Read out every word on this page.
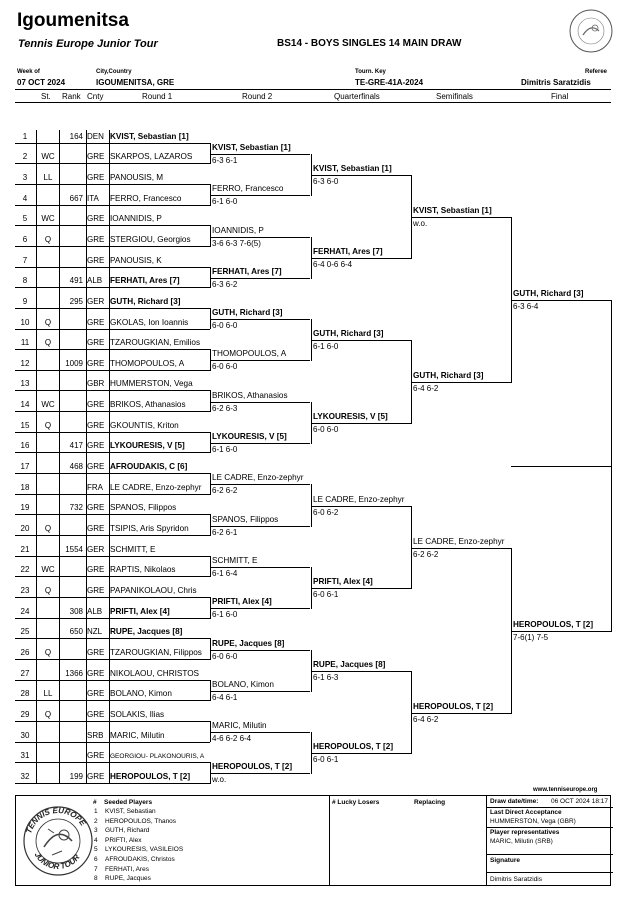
Igoumenitsa
Tennis Europe Junior Tour	BS14 - BOYS SINGLES 14 MAIN DRAW
Week of
07 OCT 2024
City,Country
IGOUMENITSA, GRE
Tourn. Key
TE-GRE-41A-2024
Referee
Dimitris Saratzidis
St. Rank Cnty	Round 1	Round 2	Quarterfinals	Semifinals	Final
1	164 DEN KVIST, Sebastian [1]
2	WC	GRE SKARPOS, LAZAROS
3	LL	GRE PANOUSIS, M
4	667 ITA	FERRO, Francesco
5	WC	GRE IOANNIDIS, P
6	Q	GRE STERGIOU, Georgios
7	GRE PANOUSIS, K
8	491 ALB FERHATI, Ares [7]
9	295 GER GUTH, Richard [3]
10	Q	GRE GKOLAS, Ion Ioannis
11	Q	GRE TZAROUGKIAN, Emilios
12	1009 GRE THOMOPOULOS, A
13	GBR HUMMERSTON, Vega
14	WC	GRE BRIKOS, Athanasios
15	Q	GRE GKOUNTIS, Kriton
16	417 GRE LYKOURESIS, V [5]
17	468 GRE AFROUDAKIS, C [6]
18	FRA LE CADRE, Enzo-zephyr
19	732 GRE SPANOS, Filippos
20	Q	GRE TSIPIS, Aris Spyridon
21	1554 GER SCHMITT, E
22	WC	GRE RAPTIS, Nikolaos
23	Q	GRE PAPANIKOLAOU, Chris
24	308 ALB PRIFTI, Alex [4]
25	650 NZL RUPE, Jacques [8]
26	Q	GRE TZAROUGKIAN, Filippos
27	1366 GRE NIKOLAOU, CHRISTOS
28	LL	GRE BOLANO, Kimon
29	Q	GRE SOLAKIS, Ilias
30	SRB MARIC, Milutin
31	GRE GEORGIOU- PLAKONOURIS, A
32	199 GRE HEROPOULOS, T [2]
KVIST, Sebastian [1]
6-3 6-1
FERRO, Francesco
6-1 6-0
IOANNIDIS, P
3-6 6-3 7-6(5)
FERHATI, Ares [7]
6-3 6-2
GUTH, Richard [3]
6-0 6-0
THOMOPOULOS, A
6-0 6-0
BRIKOS, Athanasios
6-2 6-3
LYKOURESIS, V [5]
6-1 6-0
LE CADRE, Enzo-zephyr
6-2 6-2
SPANOS, Filippos
6-2 6-1
SCHMITT, E
6-1 6-4
PRIFTI, Alex [4]
6-1 6-0
RUPE, Jacques [8]
6-0 6-0
BOLANO, Kimon
6-4 6-1
MARIC, Milutin
4-6 6-2 6-4
HEROPOULOS, T [2]
w.o.
KVIST, Sebastian [1]
6-3 6-0
FERHATI, Ares [7]
6-4 0-6 6-4
GUTH, Richard [3]
6-1 6-0
LYKOURESIS, V [5]
6-0 6-0
LE CADRE, Enzo-zephyr
6-0 6-2
PRIFTI, Alex [4]
6-0 6-1
RUPE, Jacques [8]
6-1 6-3
HEROPOULOS, T [2]
6-0 6-1
KVIST, Sebastian [1]
w.o.
GUTH, Richard [3]
6-4 6-2
LE CADRE, Enzo-zephyr
6-2 6-2
HEROPOULOS, T [2]
6-4 6-2
GUTH, Richard [3]
6-3 6-4
HEROPOULOS, T [2]
7-6(1) 7-5
www.tenniseurope.org
TENNIS EUROPE
JUNIOR TOUR
# Seeded Players
1 KVIST, Sebastian
2 HEROPOULOS, Thanos
3 GUTH, Richard
4 PRIFTI, Alex
5 LYKOURESIS, VASILEIOS
6 AFROUDAKIS, Christos
7 FERHATI, Ares
8 RUPE, Jacques
# Lucky Losers	Replacing	Draw date/time: 06 OCT 2024 18:17
Last Direct Acceptance
HUMMERSTON, Vega (GBR)
Player representatives
MARIC, Milutin (SRB)
Signature
Dimitris Saratzidis
